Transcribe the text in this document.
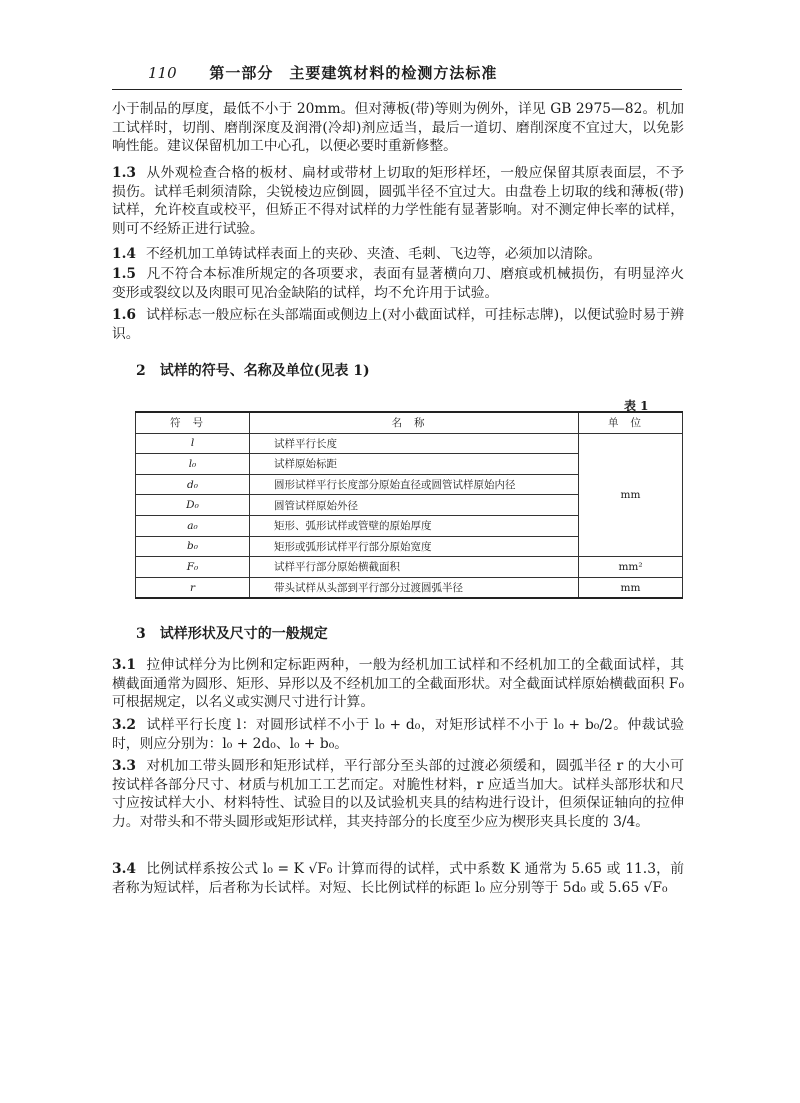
110 第一部分　主要建筑材料的检测方法标准

小于制品的厚度，最低不小于 20mm。但对薄板(带)等则为例外，详见 GB 2975—82。机加工试样时，切削、磨削深度及润滑(冷却)剂应适当，最后一道切、磨削深度不宜过大，以免影响性能。建议保留机加工中心孔，以便必要时重新修整。

1.3 从外观检查合格的板材、扁材或带材上切取的矩形样坯，一般应保留其原表面层，不予损伤。试样毛刺须清除，尖锐棱边应倒圆，圆弧半径不宜过大。由盘卷上切取的线和薄板(带)试样，允许校直或校平，但矫正不得对试样的力学性能有显著影响。对不测定伸长率的试样，则可不经矫正进行试验。

1.4 不经机加工单铸试样表面上的夹砂、夹渣、毛刺、飞边等，必须加以清除。

1.5 凡不符合本标准所规定的各项要求，表面有显著横向刀、磨痕或机械损伤，有明显淬火变形或裂纹以及肉眼可见冶金缺陷的试样，均不允许用于试验。

1.6 试样标志一般应标在头部端面或侧边上(对小截面试样，可挂标志牌)，以便试验时易于辨识。

2 试样的符号、名称及单位(见表 1)

表 1
符号	名称	单位
l	试样平行长度	mm
l₀	试样原始标距	
d₀	圆形试样平行长度部分原始直径或圆管试样原始内径	
D₀	圆管试样原始外径	
a₀	矩形、弧形试样或管壁的原始厚度	
b₀	矩形或弧形试样平行部分原始宽度	
F₀	试样平行部分原始横截面积	mm²
r	带头试样从头部到平行部分过渡圆弧半径	mm

3 试样形状及尺寸的一般规定

3.1 拉伸试样分为比例和定标距两种，一般为经机加工试样和不经机加工的全截面试样，其横截面通常为圆形、矩形、异形以及不经机加工的全截面形状。对全截面试样原始横截面积 F₀ 可根据规定，以名义或实测尺寸进行计算。

3.2 试样平行长度 l：对圆形试样不小于 l₀ + d₀，对矩形试样不小于 l₀ + b₀/2。仲裁试验时，则应分别为：l₀ + 2d₀、l₀ + b₀。

3.3 对机加工带头圆形和矩形试样，平行部分至头部的过渡必须缓和，圆弧半径 r 的大小可按试样各部分尺寸、材质与机加工工艺而定。对脆性材料，r 应适当加大。试样头部形状和尺寸应按试样大小、材料特性、试验目的以及试验机夹具的结构进行设计，但须保证轴向的拉伸力。对带头和不带头圆形或矩形试样，其夹持部分的长度至少应为楔形夹具长度的 3/4。

3.4 比例试样系按公式 l₀ = K √F₀ 计算而得的试样，式中系数 K 通常为 5.65 或 11.3，前者称为短试样，后者称为长试样。对短、长比例试样的标距 l₀ 应分别等于 5d₀ 或 5.65 √F₀
